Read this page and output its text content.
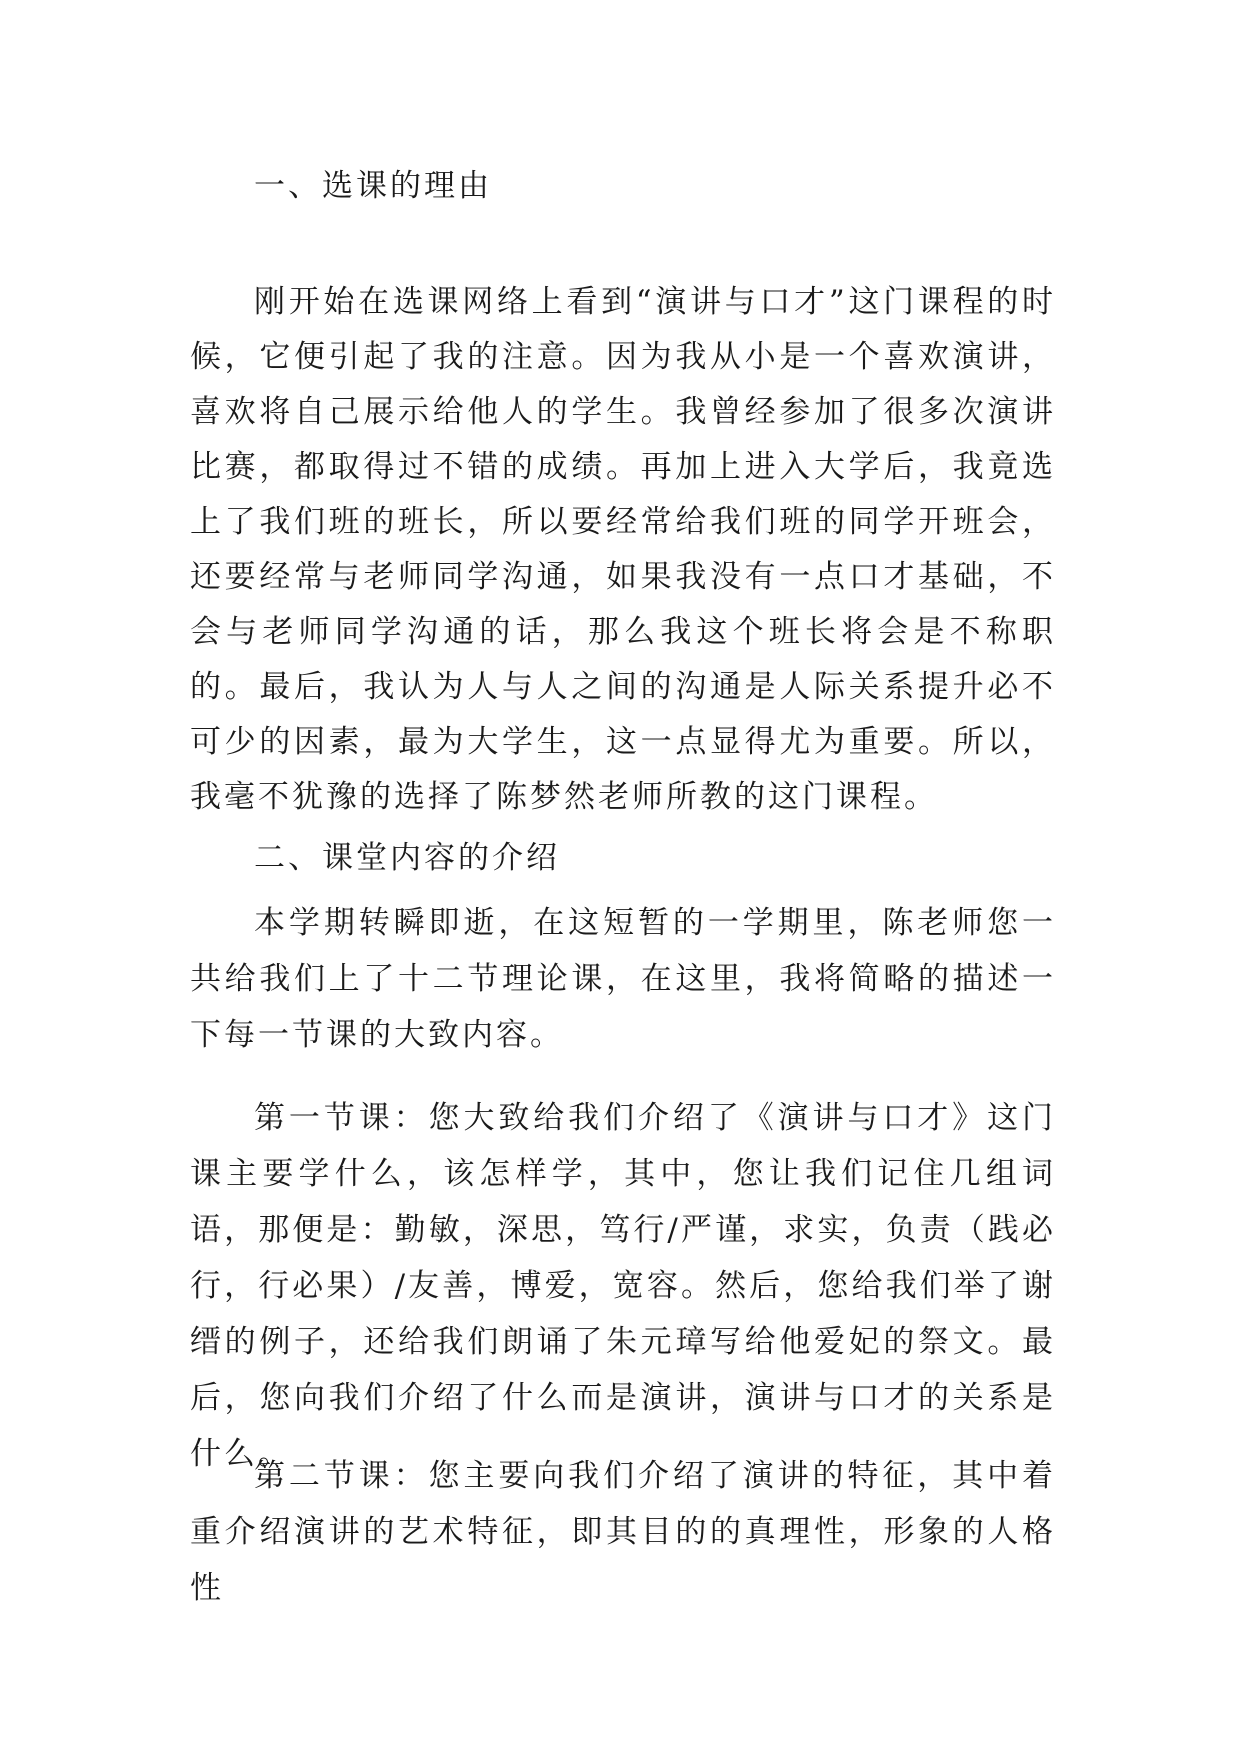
一、选课的理由

刚开始在选课网络上看到“演讲与口才”这门课程的时候，它便引起了我的注意。因为我从小是一个喜欢演讲，喜欢将自己展示给他人的学生。我曾经参加了很多次演讲比赛，都取得过不错的成绩。再加上进入大学后，我竟选上了我们班的班长，所以要经常给我们班的同学开班会，还要经常与老师同学沟通，如果我没有一点口才基础，不会与老师同学沟通的话，那么我这个班长将会是不称职的。最后，我认为人与人之间的沟通是人际关系提升必不可少的因素，最为大学生，这一点显得尤为重要。所以，我毫不犹豫的选择了陈梦然老师所教的这门课程。

二、课堂内容的介绍

本学期转瞬即逝，在这短暂的一学期里，陈老师您一共给我们上了十二节理论课，在这里，我将简略的描述一下每一节课的大致内容。

第一节课：您大致给我们介绍了《演讲与口才》这门课主要学什么，该怎样学，其中，您让我们记住几组词语，那便是：勤敏，深思，笃行/严谨，求实，负责（践必行，行必果）/友善，博爱，宽容。然后，您给我们举了谢缙的例子，还给我们朗诵了朱元璋写给他爱妃的祭文。最后，您向我们介绍了什么而是演讲，演讲与口才的关系是什么。

第二节课：您主要向我们介绍了演讲的特征，其中着重介绍演讲的艺术特征，即其目的的真理性，形象的人格性
